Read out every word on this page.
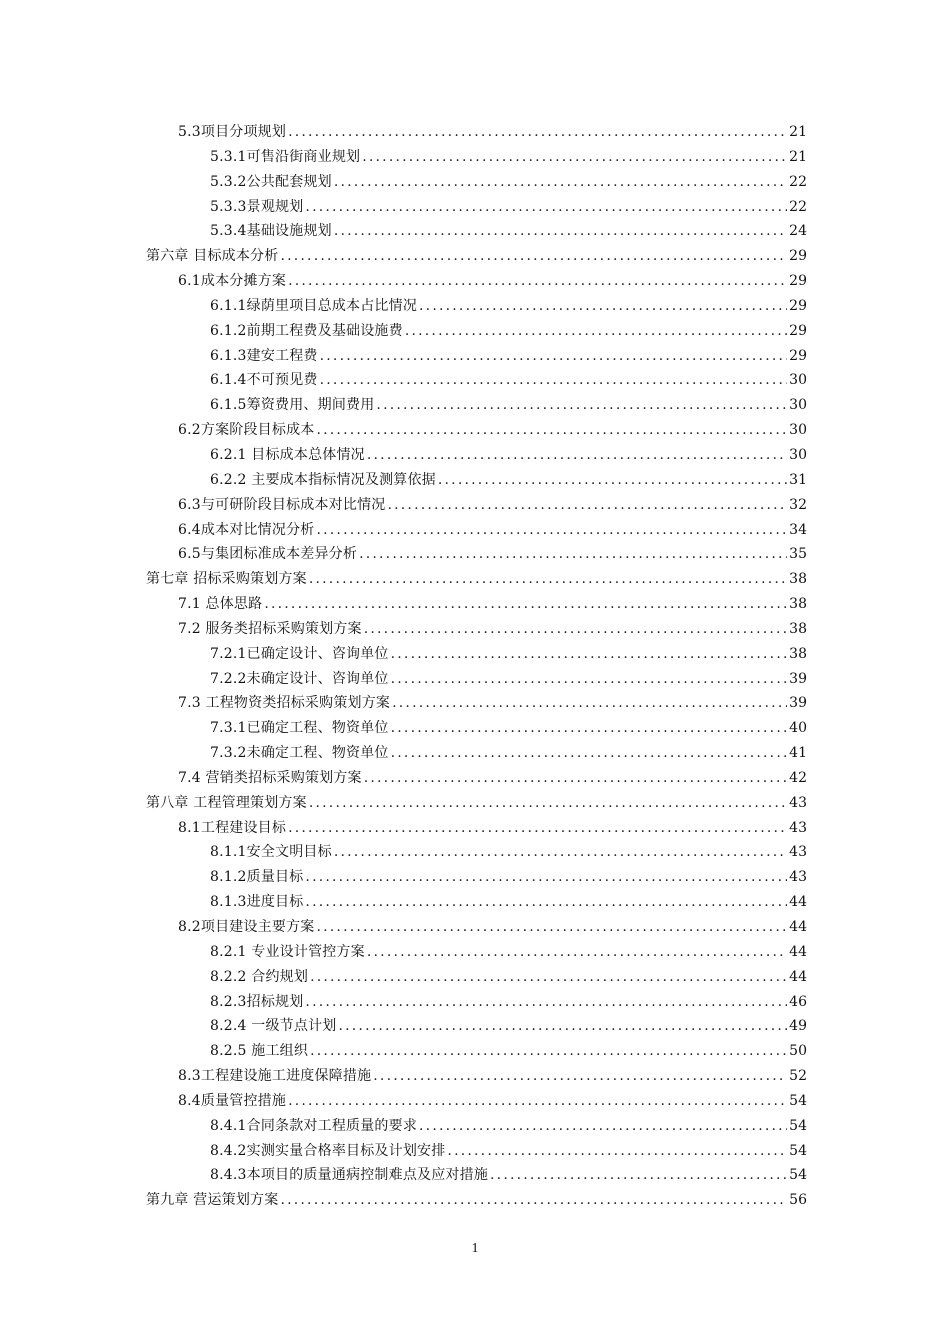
5.3项目分项规划 .....	21
5.3.1可售沿街商业规划 .....	21
5.3.2公共配套规划 .....	22
5.3.3景观规划 .....	22
5.3.4基础设施规划 .....	24
第六章 目标成本分析 .....	29
6.1成本分摊方案 .....	29
6.1.1绿荫里项目总成本占比情况 .....	29
6.1.2前期工程费及基础设施费 .....	29
6.1.3建安工程费 .....	29
6.1.4不可预见费 .....	30
6.1.5筹资费用、期间费用 .....	30
6.2方案阶段目标成本 .....	30
6.2.1 目标成本总体情况 .....	30
6.2.2 主要成本指标情况及测算依据 .....	31
6.3与可研阶段目标成本对比情况 .....	32
6.4成本对比情况分析 .....	34
6.5与集团标准成本差异分析 .....	35
第七章 招标采购策划方案 .....	38
7.1 总体思路 .....	38
7.2 服务类招标采购策划方案 .....	38
7.2.1已确定设计、咨询单位 .....	38
7.2.2未确定设计、咨询单位 .....	39
7.3 工程物资类招标采购策划方案 .....	39
7.3.1已确定工程、物资单位 .....	40
7.3.2未确定工程、物资单位 .....	41
7.4 营销类招标采购策划方案 .....	42
第八章 工程管理策划方案 .....	43
8.1工程建设目标 .....	43
8.1.1安全文明目标 .....	43
8.1.2质量目标 .....	43
8.1.3进度目标 .....	44
8.2项目建设主要方案 .....	44
8.2.1 专业设计管控方案 .....	44
8.2.2 合约规划 .....	44
8.2.3招标规划 .....	46
8.2.4 一级节点计划 .....	49
8.2.5 施工组织 .....	50
8.3工程建设施工进度保障措施 .....	52
8.4质量管控措施 .....	54
8.4.1合同条款对工程质量的要求 .....	54
8.4.2实测实量合格率目标及计划安排 .....	54
8.4.3本项目的质量通病控制难点及应对措施 .....	54
第九章 营运策划方案 .....	56
1
